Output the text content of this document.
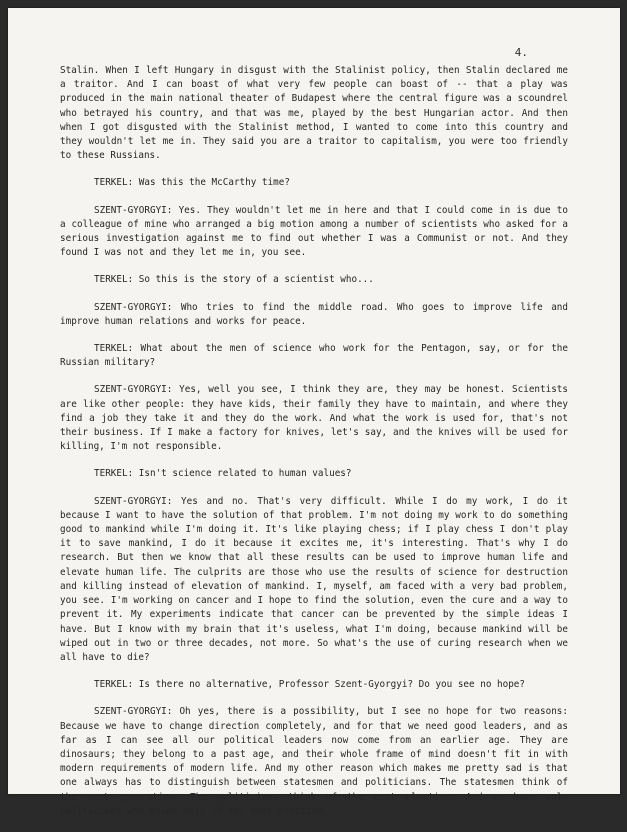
4.

Stalin. When I left Hungary in disgust with the Stalinist policy, then Stalin declared me a traitor. And I can boast of what very few people can boast of -- that a play was produced in the main national theater of Budapest where the central figure was a scoundrel who betrayed his country, and that was me, played by the best Hungarian actor. And then when I got disgusted with the Stalinist method, I wanted to come into this country and they wouldn't let me in. They said you are a traitor to capitalism, you were too friendly to these Russians.

TERKEL: Was this the McCarthy time?

SZENT-GYORGYI: Yes. They wouldn't let me in here and that I could come in is due to a colleague of mine who arranged a big motion among a number of scientists who asked for a serious investigation against me to find out whether I was a Communist or not. And they found I was not and they let me in, you see.

TERKEL: So this is the story of a scientist who...

SZENT-GYORGYI: Who tries to find the middle road. Who goes to improve life and improve human relations and works for peace.

TERKEL: What about the men of science who work for the Pentagon, say, or for the Russian military?

SZENT-GYORGYI: Yes, well you see, I think they are, they may be honest. Scientists are like other people: they have kids, their family they have to maintain, and where they find a job they take it and they do the work. And what the work is used for, that's not their business. If I make a factory for knives, let's say, and the knives will be used for killing, I'm not responsible.

TERKEL: Isn't science related to human values?

SZENT-GYORGYI: Yes and no. That's very difficult. While I do my work, I do it because I want to have the solution of that problem. I'm not doing my work to do something good to mankind while I'm doing it. It's like playing chess; if I play chess I don't play it to save mankind, I do it because it excites me, it's interesting. That's why I do research. But then we know that all these results can be used to improve human life and elevate human life. The culprits are those who use the results of science for destruction and killing instead of elevation of mankind. I, myself, am faced with a very bad problem, you see. I'm working on cancer and I hope to find the solution, even the cure and a way to prevent it. My experiments indicate that cancer can be prevented by the simple ideas I have. But I know with my brain that it's useless, what I'm doing, because mankind will be wiped out in two or three decades, not more. So what's the use of curing research when we all have to die?

TERKEL: Is there no alternative, Professor Szent-Gyorgyi? Do you see no hope?

SZENT-GYORGYI: Oh yes, there is a possibility, but I see no hope for two reasons: Because we have to change direction completely, and for that we need good leaders, and as far as I can see all our political leaders now come from an earlier age. They are dinosaurs; they belong to a past age, and their whole frame of mind doesn't fit in with modern requirements of modern life. And my other reason which makes me pretty sad is that one always has to distinguish between statesmen and politicians. The statesmen think of the next generation. The politicians think of the next election. And we have only politicians who think only of the next election.
